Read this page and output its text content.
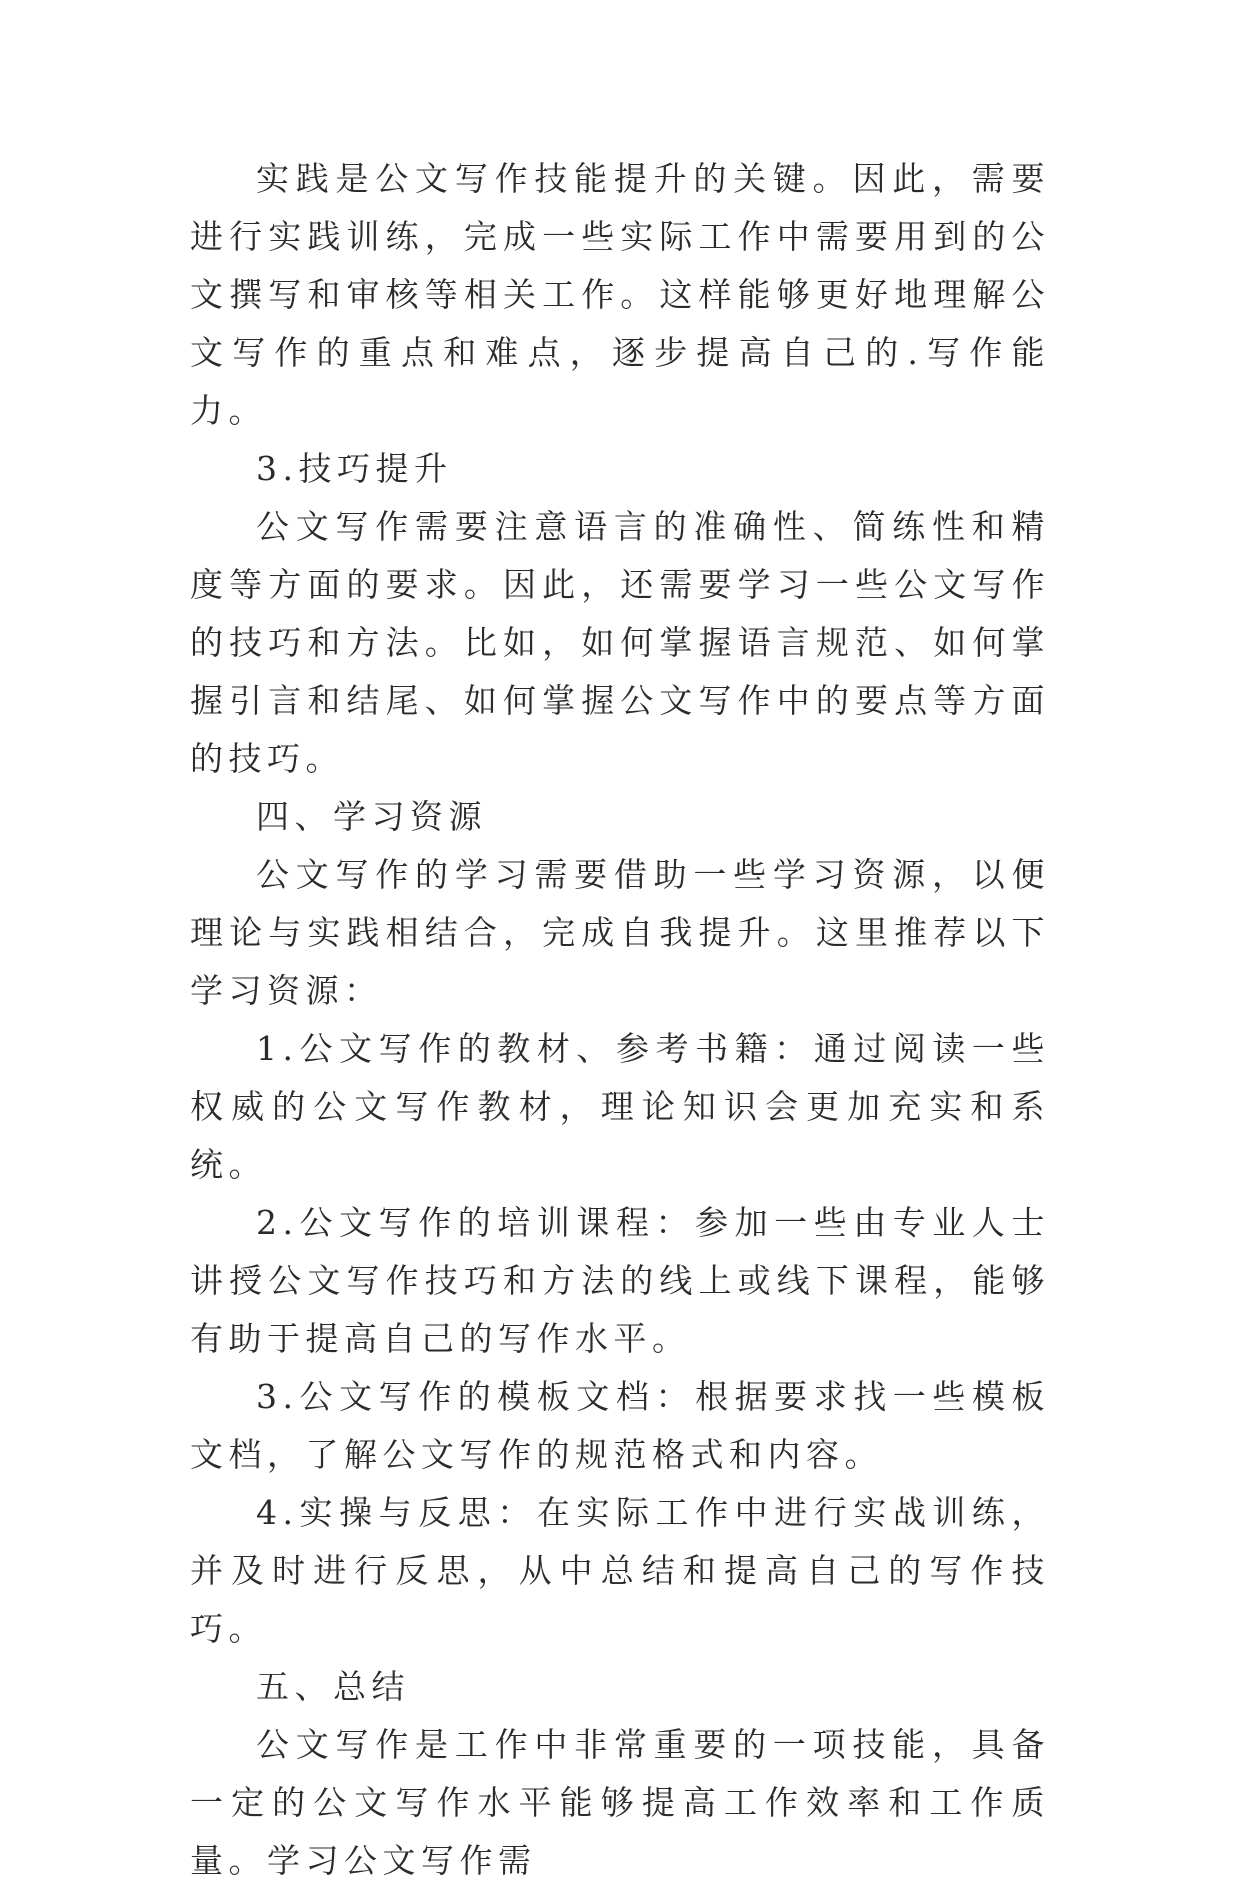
实践是公文写作技能提升的关键。因此，需要进行实践训练，完成一些实际工作中需要用到的公文撰写和审核等相关工作。这样能够更好地理解公文写作的重点和难点，逐步提高自己的.写作能力。

3.技巧提升

公文写作需要注意语言的准确性、简练性和精度等方面的要求。因此，还需要学习一些公文写作的技巧和方法。比如，如何掌握语言规范、如何掌握引言和结尾、如何掌握公文写作中的要点等方面的技巧。

四、学习资源

公文写作的学习需要借助一些学习资源，以便理论与实践相结合，完成自我提升。这里推荐以下学习资源：

1.公文写作的教材、参考书籍：通过阅读一些权威的公文写作教材，理论知识会更加充实和系统。

2.公文写作的培训课程：参加一些由专业人士讲授公文写作技巧和方法的线上或线下课程，能够有助于提高自己的写作水平。

3.公文写作的模板文档：根据要求找一些模板文档，了解公文写作的规范格式和内容。

4.实操与反思：在实际工作中进行实战训练，并及时进行反思，从中总结和提高自己的写作技巧。

五、总结

公文写作是工作中非常重要的一项技能，具备一定的公文写作水平能够提高工作效率和工作质量。学习公文写作需
